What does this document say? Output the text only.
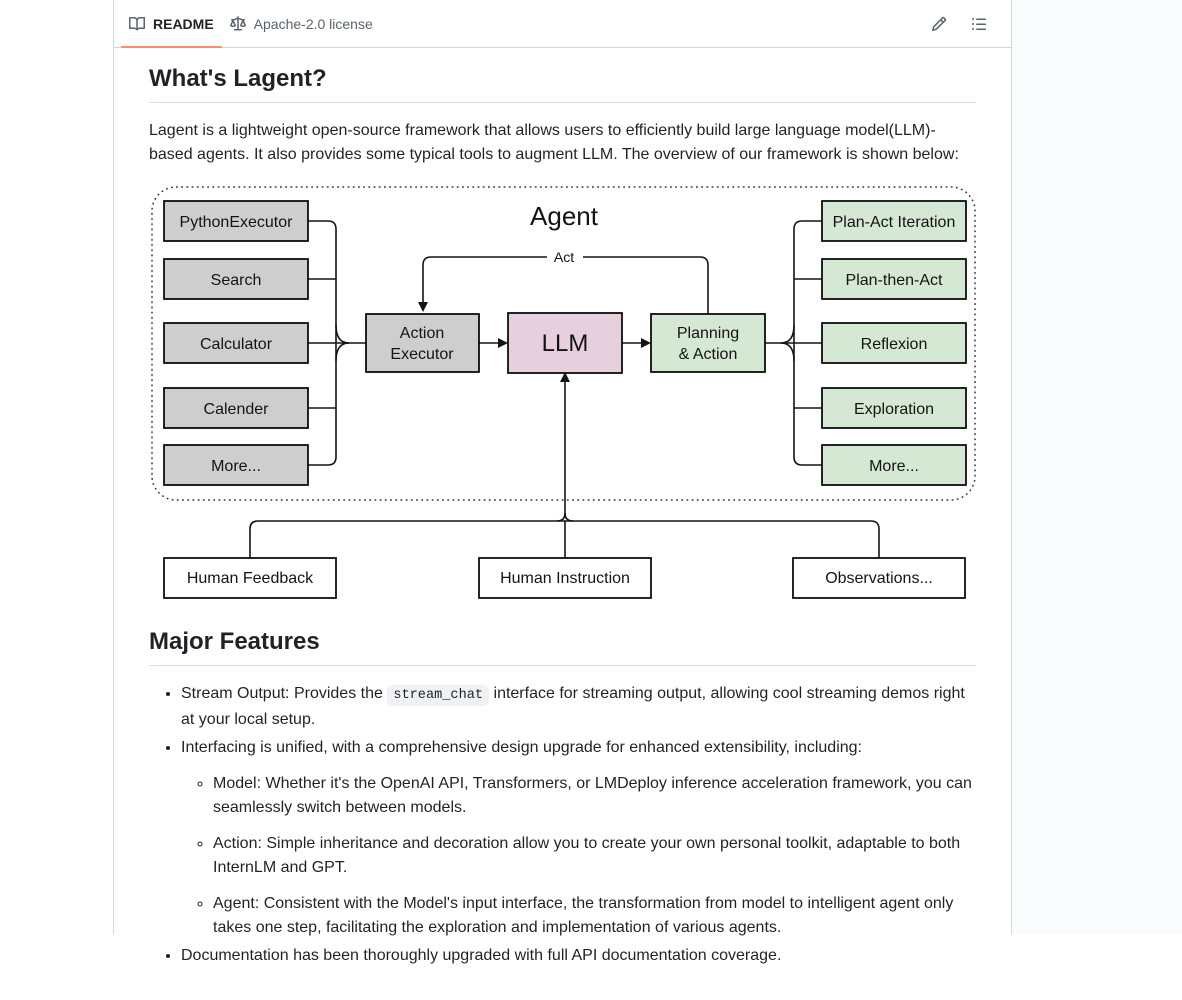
README	Apache-2.0 license
What's Lagent?

Lagent is a lightweight open-source framework that allows users to efficiently build large language model(LLM)-based agents. It also provides some typical tools to augment LLM. The overview of our framework is shown below:

Agent
Act
PythonExecutor
Search
Calculator
Calender
More...
Action
Executor	LLM	Planning
& Action
Plan-Act Iteration
Plan-then-Act
Reflexion
Exploration
More...
Human Feedback	Human Instruction	Observations...
Major Features
• Stream Output: Provides the stream_chat interface for streaming output, allowing cool streaming demos right at your local setup.
• Interfacing is unified, with a comprehensive design upgrade for enhanced extensibility, including:
◦ Model: Whether it's the OpenAI API, Transformers, or LMDeploy inference acceleration framework, you can seamlessly switch between models.
◦ Action: Simple inheritance and decoration allow you to create your own personal toolkit, adaptable to both InternLM and GPT.
◦ Agent: Consistent with the Model's input interface, the transformation from model to intelligent agent only takes one step, facilitating the exploration and implementation of various agents.
• Documentation has been thoroughly upgraded with full API documentation coverage.
